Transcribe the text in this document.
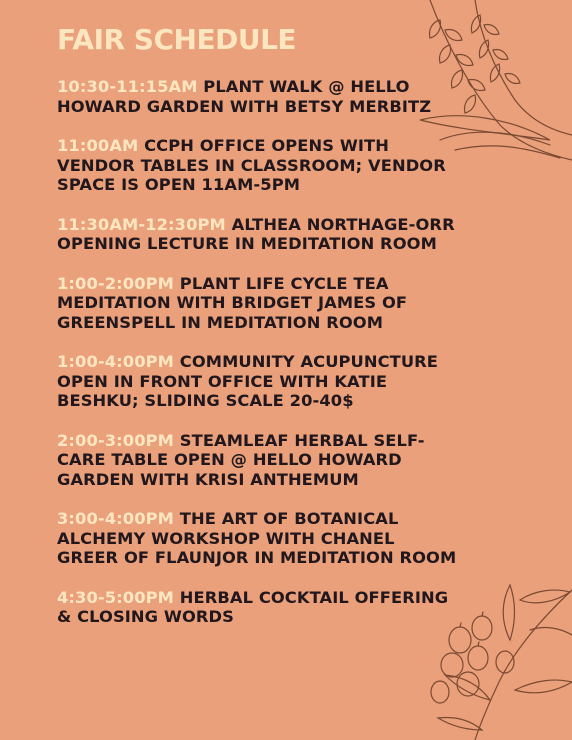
FAIR SCHEDULE

10:30-11:15AM PLANT WALK @ HELLO HOWARD GARDEN WITH BETSY MERBITZ

11:00AM CCPH OFFICE OPENS WITH VENDOR TABLES IN CLASSROOM; VENDOR SPACE IS OPEN 11AM-5PM

11:30AM-12:30PM ALTHEA NORTHAGE-ORR OPENING LECTURE IN MEDITATION ROOM

1:00-2:00PM PLANT LIFE CYCLE TEA MEDITATION WITH BRIDGET JAMES OF GREENSPELL IN MEDITATION ROOM

1:00-4:00PM COMMUNITY ACUPUNCTURE OPEN IN FRONT OFFICE WITH KATIE BESHKU; SLIDING SCALE 20-40$

2:00-3:00PM STEAMLEAF HERBAL SELF-CARE TABLE OPEN @ HELLO HOWARD GARDEN WITH KRISI ANTHEMUM

3:00-4:00PM THE ART OF BOTANICAL ALCHEMY WORKSHOP WITH CHANEL GREER OF FLAUNJOR IN MEDITATION ROOM

4:30-5:00PM HERBAL COCKTAIL OFFERING & CLOSING WORDS
